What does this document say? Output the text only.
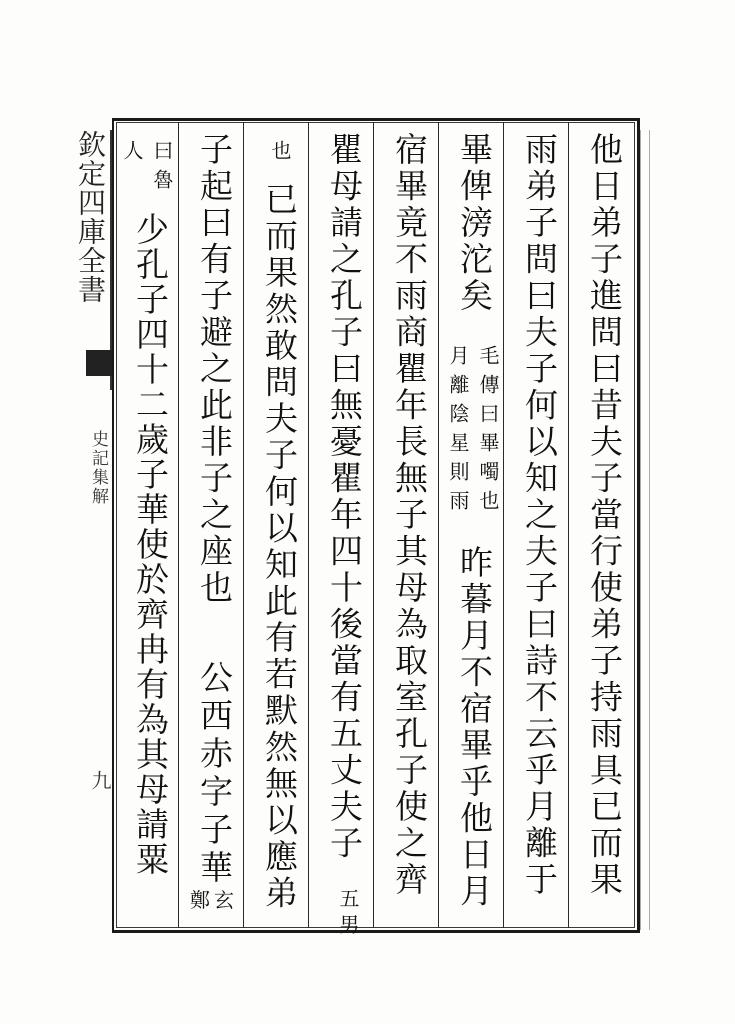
欽定四庫全書
史記集解
九	他日弟子進問曰昔夫子當行使弟子持雨具已而果
雨弟子問曰夫子何以知之夫子曰詩不云乎月離于
畢俾滂沱矣
月離陰星則雨 毛傳曰畢噣也
昨暮月不宿畢乎他日月
宿畢竟不雨商瞿年長無子其母為取室孔子使之齊
瞿母請之孔子曰無憂瞿年四十後當有五丈夫子
五男
也
已而果然敢問夫子何以知此有若默然無以應弟
子起曰有子避之此非子之座也
公西赤字子華
鄭玄
人 曰魯
少孔子四十二歲子華使於齊冉有為其母請粟
